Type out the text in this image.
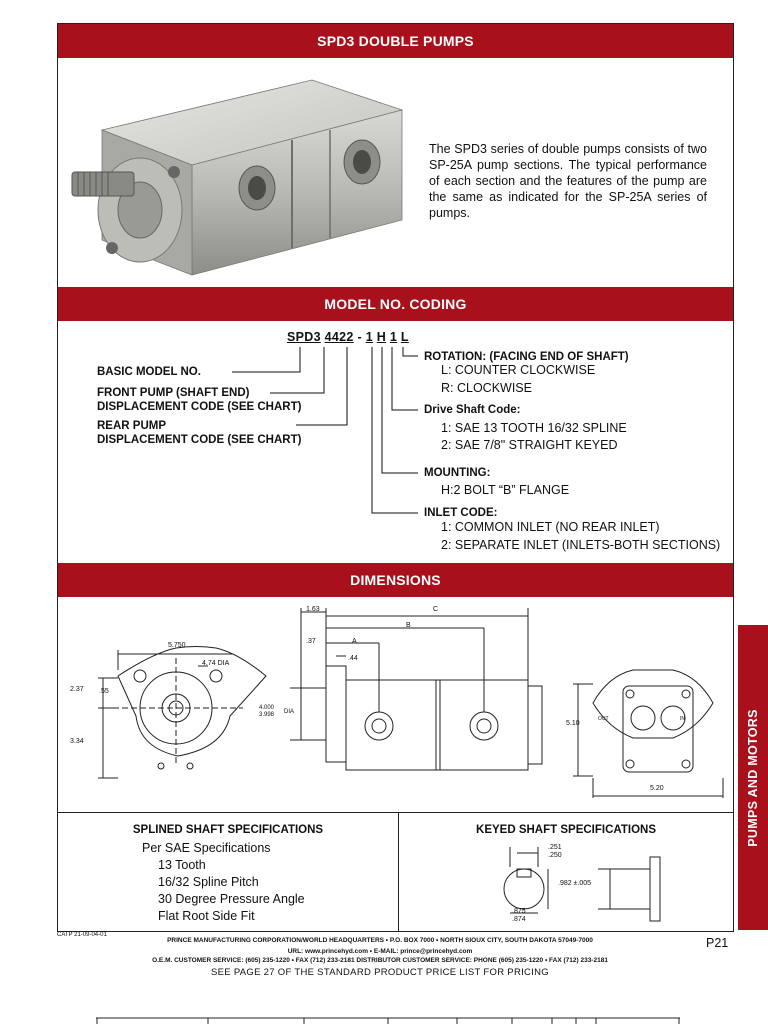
SPD3 DOUBLE PUMPS
MODEL NO. CODING
DIMENSIONS
The SPD3 series of double pumps consists of two SP-25A pump sections. The typical performance of each section and the features of the pump are the same as indicated for the SP-25A series of pumps.
SPD3 4422 - 1 H 1 L
BASIC MODEL NO.
FRONT PUMP (SHAFT END)
DISPLACEMENT CODE (SEE CHART)
REAR PUMP
DISPLACEMENT CODE (SEE CHART)
ROTATION: (FACING END OF SHAFT)
L: COUNTER CLOCKWISE
R: CLOCKWISE
Drive Shaft Code:
1: SAE 13 TOOTH 16/32 SPLINE
2: SAE 7/8" STRAIGHT KEYED
MOUNTING:
H:2 BOLT “B” FLANGE
INLET CODE:
1: COMMON INLET (NO REAR INLET)
2: SEPARATE INLET (INLETS-BOTH SECTIONS)
5.750
4.74 DIA
2.37 .55
3.34
1.63	C
B
.37	A
.44
4.000
3.998 DIA
5.10
5.20
OUT	IN
SPLINED SHAFT SPECIFICATIONS
Per SAE Specifications
13 Tooth
16/32 Spline Pitch
30 Degree Pressure Angle
Flat Root Side Fit
KEYED SHAFT SPECIFICATIONS
.251
.250
.982 ±.005
.875
.874
PUMPS AND MOTORS
CATP 21-09-04-01
P21
PRINCE MANUFACTURING CORPORATION/WORLD HEADQUARTERS • P.O. BOX 7000 • NORTH SIOUX CITY, SOUTH DAKOTA 57049-7000
URL: www.princehyd.com • E-MAIL: prince@princehyd.com
O.E.M. CUSTOMER SERVICE: (605) 235-1220 • FAX (712) 233-2181 DISTRIBUTOR CUSTOMER SERVICE: PHONE (605) 235-1220 • FAX (712) 233-2181
SEE PAGE 27 OF THE STANDARD PRODUCT PRICE LIST FOR PRICING
